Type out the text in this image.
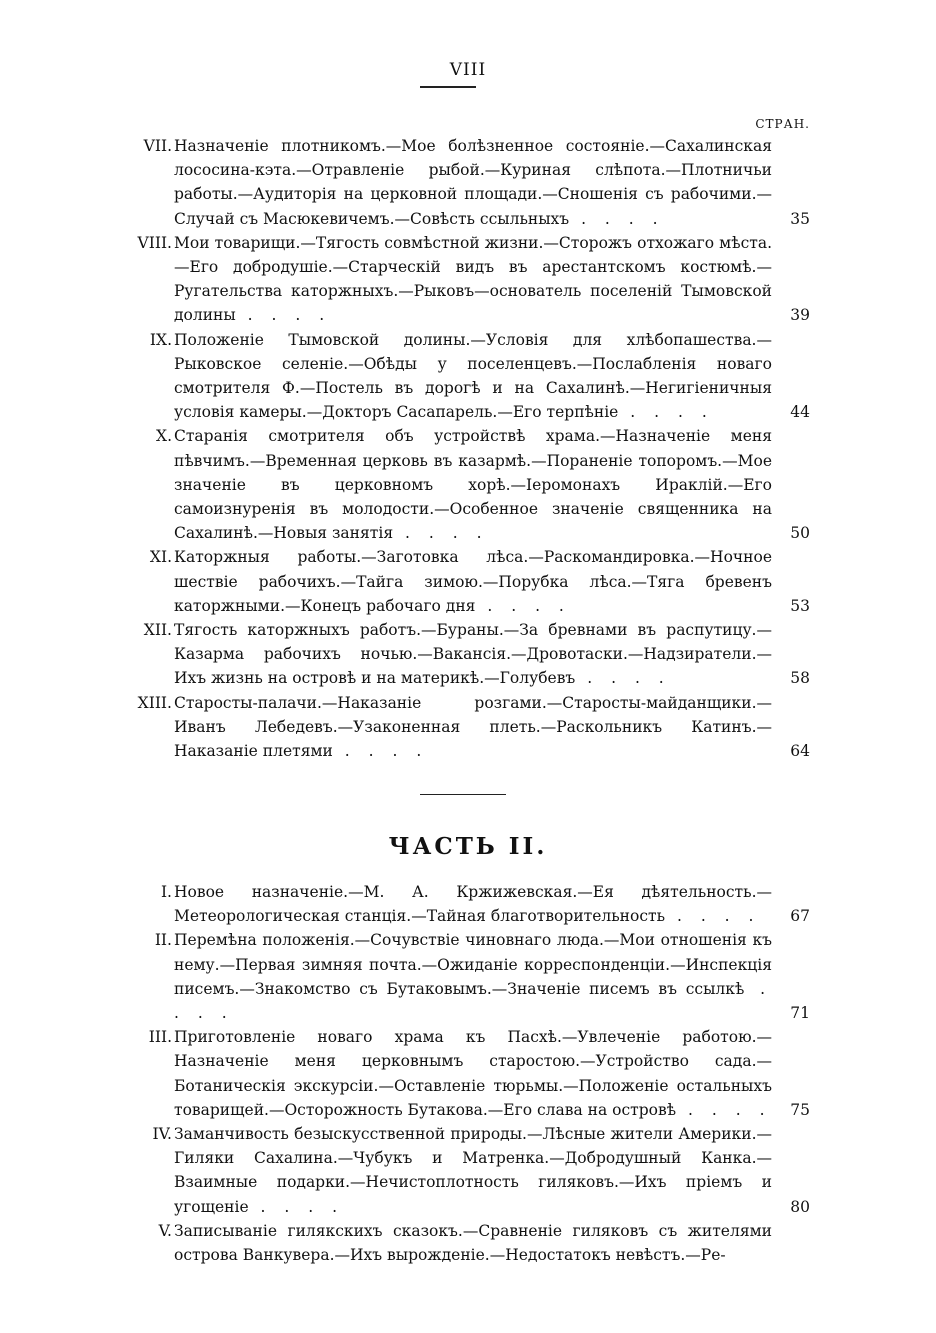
VIII
СТРАН.
VII. Назначеніе плотникомъ.—Мое болѣзненное состояніе.—Сахалинская лососина-кэта.—Отравленіе рыбой.—Куриная слѣпота.—Плотничьи работы.—Аудиторія на церковной площади.—Сношенія съ рабочими.—Случай съ Масюкевичемъ.—Совѣсть ссыльныхъ . . . .	35
VIII. Мои товарищи.—Тягость совмѣстной жизни.—Сторожъ отхожаго мѣста.—Его добродушіе.—Старческій видъ въ арестантскомъ костюмѣ.—Ругательства каторжныхъ.—Рыковъ—основатель поселеній Тымовской долины . . . .	39
IX. Положеніе Тымовской долины.—Условія для хлѣбопашества.—Рыковское селеніе.—Обѣды у поселенцевъ.—Послабленія новаго смотрителя Ф.—Постель въ дорогѣ и на Сахалинѣ.—Негигіеничныя условія камеры.—Докторъ Сасапарель.—Его терпѣніе . . . .	44
X. Старанія смотрителя объ устройствѣ храма.—Назначеніе меня пѣвчимъ.—Временная церковь въ казармѣ.—Пораненіе топоромъ.—Мое значеніе въ церковномъ хорѣ.—Іеромонахъ Ираклій.—Его самоизнуренія въ молодости.—Особенное значеніе священника на Сахалинѣ.—Новыя занятія . . . .	50
XI. Каторжныя работы.—Заготовка лѣса.—Раскомандировка.—Ночное шествіе рабочихъ.—Тайга зимою.—Порубка лѣса.—Тяга бревенъ каторжными.—Конецъ рабочаго дня . . . .	53
XII. Тягость каторжныхъ работъ.—Бураны.—За бревнами въ распутицу.—Казарма рабочихъ ночью.—Вакансія.—Дровотаски.—Надзиратели.—Ихъ жизнь на островѣ и на материкѣ.—Голубевъ . . . .	58
XIII. Старосты-палачи.—Наказаніе розгами.—Старосты-майданщики.—Иванъ Лебедевъ.—Узаконенная плеть.—Раскольникъ Катинъ.—Наказаніе плетями . . . .	64
ЧАСТЬ II.
I. Новое назначеніе.—М. А. Кржижевская.—Ея дѣятельность.—Метеорологическая станція.—Тайная благотворительность . . . .	67
II. Перемѣна положенія.—Сочувствіе чиновнаго люда.—Мои отношенія къ нему.—Первая зимняя почта.—Ожиданіе корреспонденціи.—Инспекція писемъ.—Знакомство съ Бутаковымъ.—Значеніе писемъ въ ссылкѣ . . . .	71
III. Приготовленіе новаго храма къ Пасхѣ.—Увлеченіе работою.—Назначеніе меня церковнымъ старостою.—Устройство сада.—Ботаническія экскурсіи.—Оставленіе тюрьмы.—Положеніе остальныхъ товарищей.—Осторожность Бутакова.—Его слава на островѣ . . . .	75
IV. Заманчивость безыскусственной природы.—Лѣсные жители Америки.—Гиляки Сахалина.—Чубукъ и Матренка.—Добродушный Канка.—Взаимные подарки.—Нечистоплотность гиляковъ.—Ихъ пріемъ и угощеніе . . . .	80
V. Записываніе гилякскихъ сказокъ.—Сравненіе гиляковъ съ жителями острова Ванкувера.—Ихъ вырожденіе.—Недостатокъ невѣстъ.—Ре-
